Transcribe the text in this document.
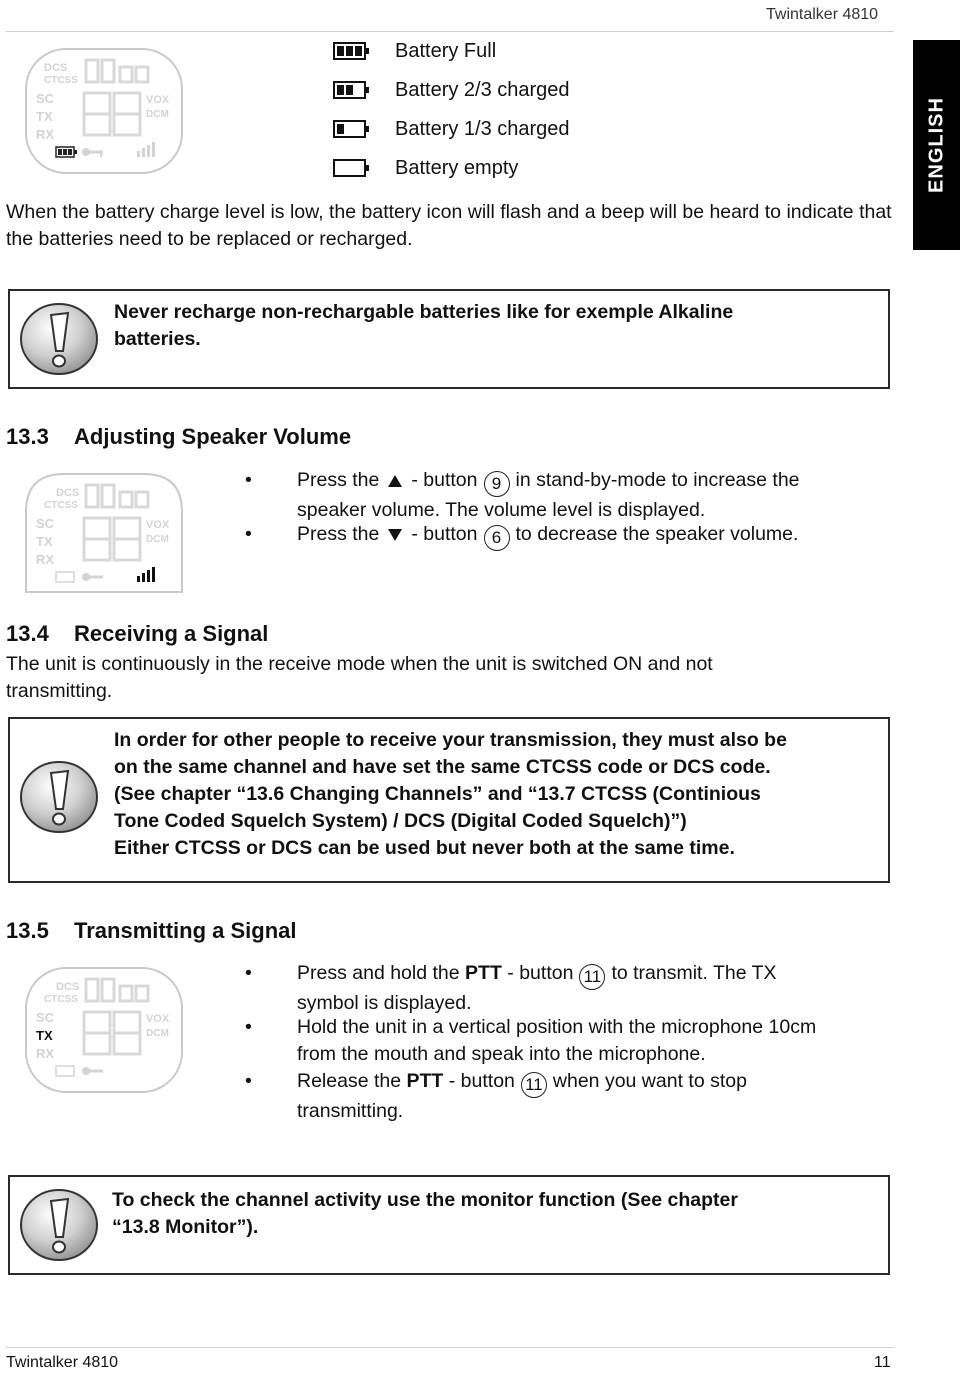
Twintalker 4810
ENGLISH
DCS
CTCSS
SC
TX
RX
VOX
DCM
Battery Full
Battery 2/3 charged
Battery 1/3 charged
Battery empty
When the battery charge level is low, the battery icon will flash and a beep will be heard to indicate that the batteries need to be replaced or recharged.
Never recharge non-rechargable batteries like for exemple Alkaline
batteries.
13.3 Adjusting Speaker Volume
DCS
CTCSS
SC
TX
RX
VOX
DCM
• Press the - button 9 in stand-by-mode to increase the
speaker volume. The volume level is displayed.
• Press the - button 6 to decrease the speaker volume.
13.4 Receiving a Signal
The unit is continuously in the receive mode when the unit is switched ON and not
transmitting.
In order for other people to receive your transmission, they must also be
on the same channel and have set the same CTCSS code or DCS code.
(See chapter “13.6 Changing Channels” and “13.7 CTCSS (Continious
Tone Coded Squelch System) / DCS (Digital Coded Squelch)”)
Either CTCSS or DCS can be used but never both at the same time.
13.5 Transmitting a Signal
DCS
CTCSS
SC
TX
RX
VOX
DCM
• Press and hold the PTT - button 11 to transmit. The TX
symbol is displayed.
• Hold the unit in a vertical position with the microphone 10cm
from the mouth and speak into the microphone.
• Release the PTT - button 11 when you want to stop
transmitting.
To check the channel activity use the monitor function (See chapter
“13.8 Monitor”).
Twintalker 4810	11
